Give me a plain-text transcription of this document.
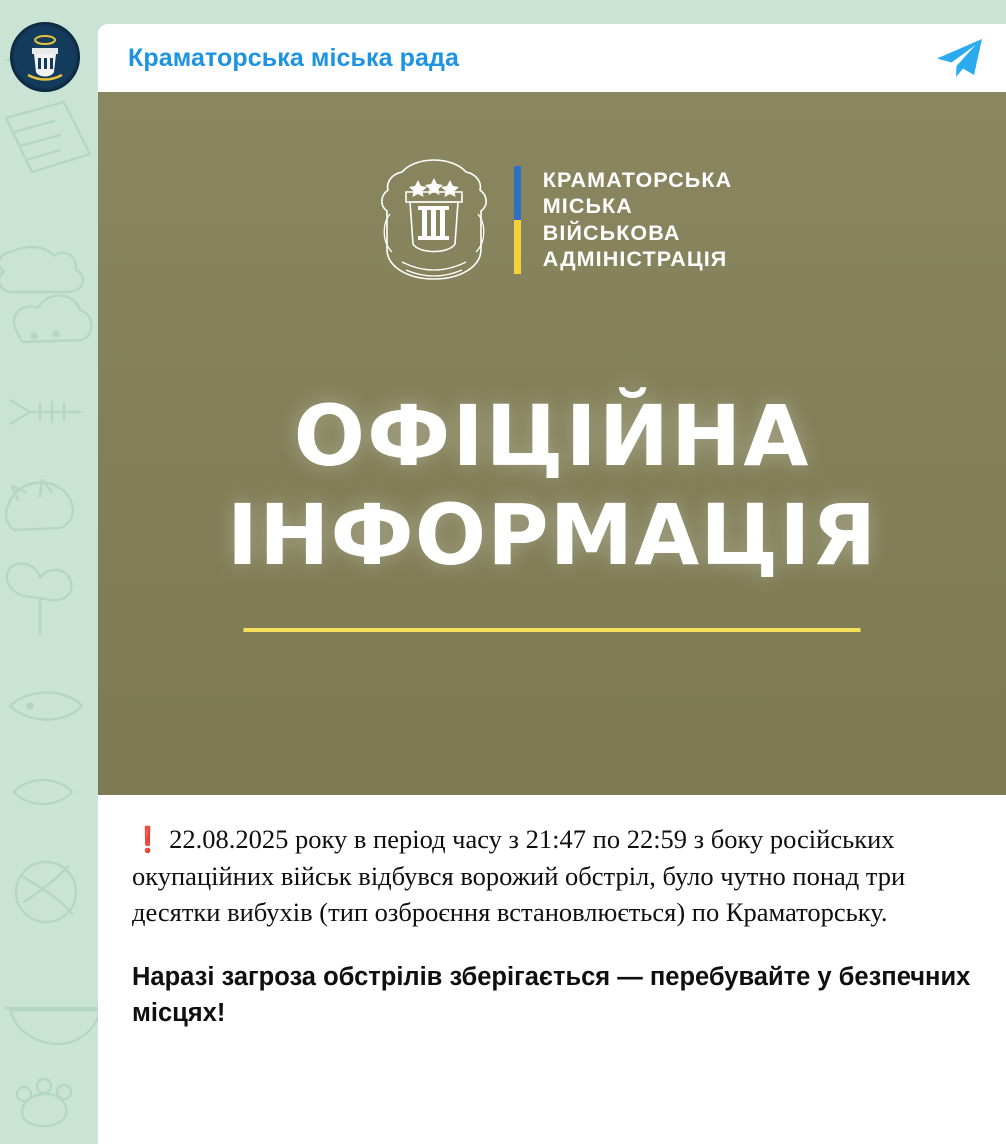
Краматорська міська рада
КРАМАТОРСЬКА
МІСЬКА
ВІЙСЬКОВА
АДМІНІСТРАЦІЯ
ОФІЦІЙНА
ІНФОРМАЦІЯ

❗ 22.08.2025 року в період часу з 21:47 по 22:59 з боку російських окупаційних військ відбувся ворожий обстріл, було чутно понад три десятки вибухів (тип озброєння встановлюється) по Краматорську.

Наразі загроза обстрілів зберігається — перебувайте у безпечних місцях!
